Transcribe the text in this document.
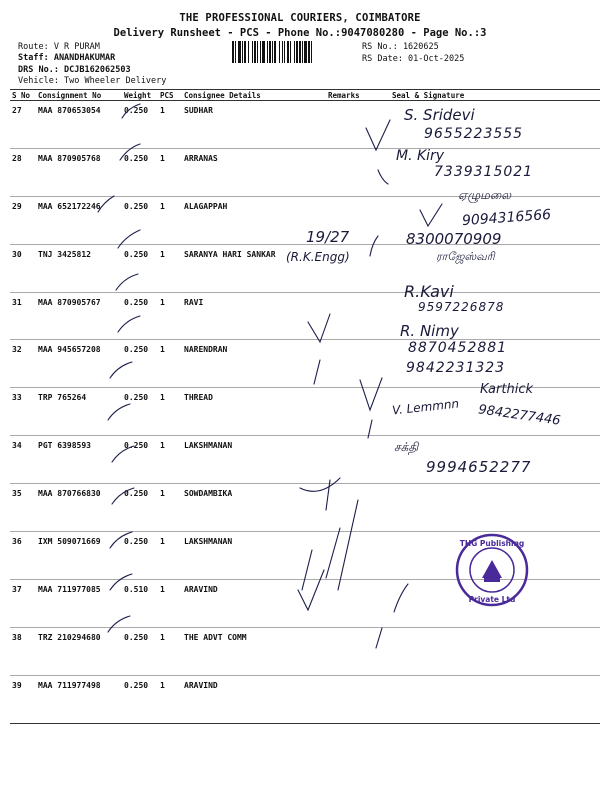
THE PROFESSIONAL COURIERS, COIMBATORE
Delivery Runsheet - PCS - Phone No.:9047080280 - Page No.:3
Route: V R PURAM
Staff: ANANDHAKUMAR
DRS No.: DCJB162062503
Vehicle: Two Wheeler Delivery
RS No.: 1620625
RS Date: 01-Oct-2025
S No	Consignment No	Weight	PCS	Consignee Details	Remarks	Seal & Signature
27	MAA 870653054	0.250	1	SUDHAR		
28	MAA 870905768	0.250	1	ARRANAS		
29	MAA 652172246	0.250	1	ALAGAPPAH		
30	TNJ 3425812	0.250	1	SARANYA HARI SANKAR		
31	MAA 870905767	0.250	1	RAVI		
32	MAA 945657208	0.250	1	NARENDRAN		
33	TRP 765264	0.250	1	THREAD		
34	PGT 6398593	0.250	1	LAKSHMANAN		
35	MAA 870766830	0.250	1	SOWDAMBIKA		
36	IXM 509071669	0.250	1	LAKSHMANAN		
37	MAA 711977085	0.510	1	ARAVIND		
38	TRZ 210294680	0.250	1	THE ADVT COMM		
39	MAA 711977498	0.250	1	ARAVIND		
S. Sridevi
9655223555
M. Kiry
7339315021
ஏழுமலை
9094316566
19/27
(R.K.Engg)
8300070909
ராஜேஸ்வரி
R.Kavi
9597226878
R. Nimy
8870452881
9842231323
Karthick
V. Lemmnn 9842277446
சக்தி
9994652277
THG Publishing
Private Ltd
